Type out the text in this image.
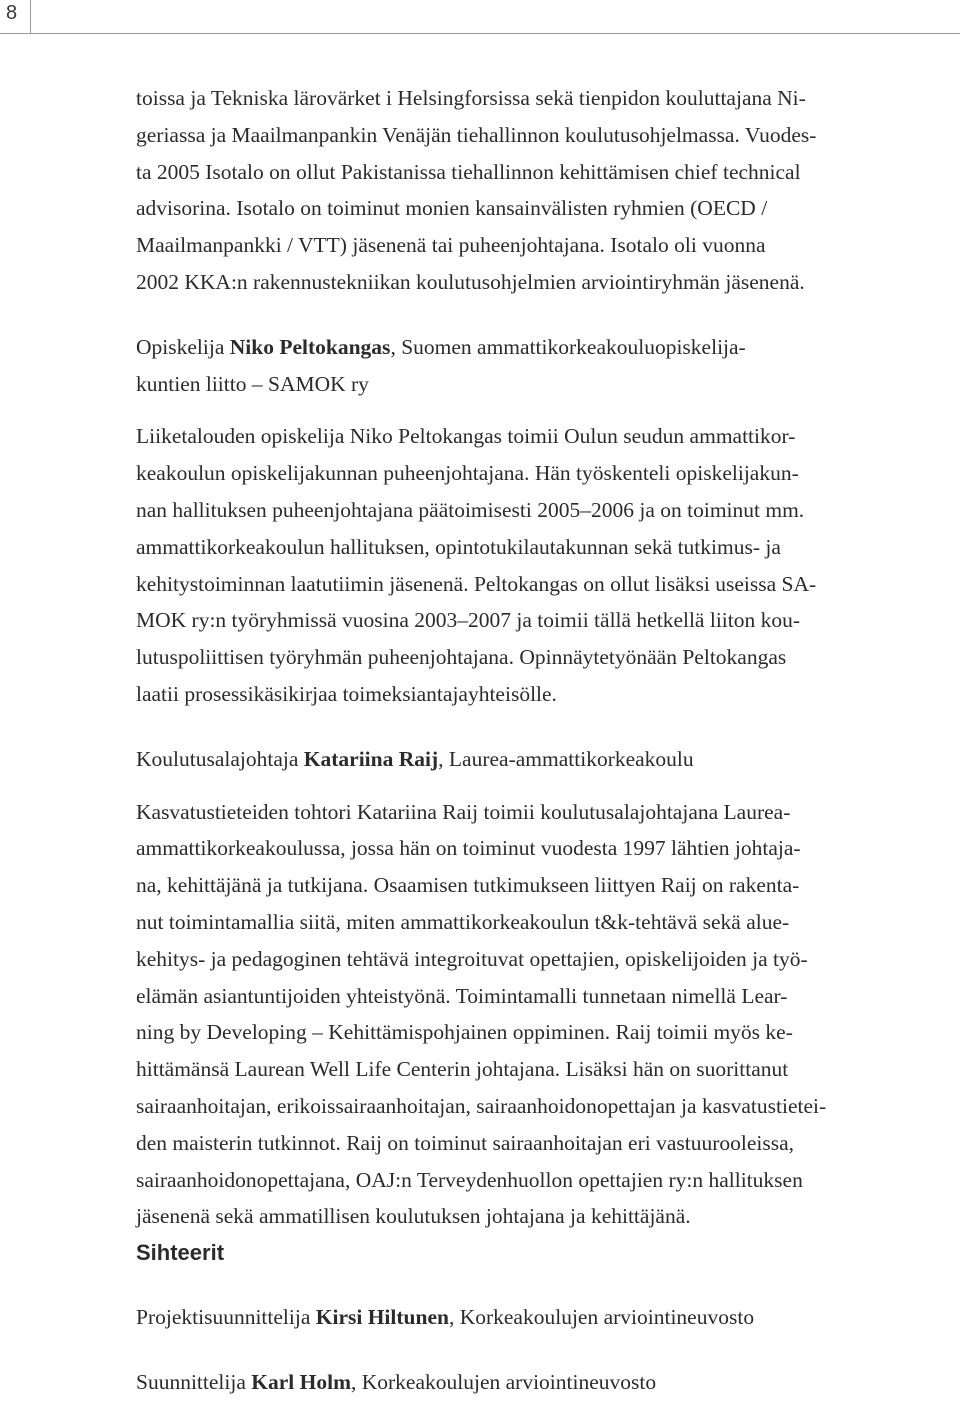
8

toissa ja Tekniska lärovärket i Helsingforsissa sekä tienpidon kouluttajana Ni-
geriassa ja Maailmanpankin Venäjän tiehallinnon koulutusohjelmassa. Vuodes-
ta 2005 Isotalo on ollut Pakistanissa tiehallinnon kehittämisen chief technical
advisorina. Isotalo on toiminut monien kansainvälisten ryhmien (OECD /
Maailmanpankki / VTT) jäsenenä tai puheenjohtajana. Isotalo oli vuonna
2002 KKA:n rakennustekniikan koulutusohjelmien arviointiryhmän jäsenenä.

Opiskelija Niko Peltokangas, Suomen ammattikorkeakouluopiskelija-
kuntien liitto – SAMOK ry

Liiketalouden opiskelija Niko Peltokangas toimii Oulun seudun ammattikor-
keakoulun opiskelijakunnan puheenjohtajana. Hän työskenteli opiskelijakun-
nan hallituksen puheenjohtajana päätoimisesti 2005–2006 ja on toiminut mm.
ammattikorkeakoulun hallituksen, opintotukilautakunnan sekä tutkimus- ja
kehitystoiminnan laatutiimin jäsenenä. Peltokangas on ollut lisäksi useissa SA-
MOK ry:n työryhmissä vuosina 2003–2007 ja toimii tällä hetkellä liiton kou-
lutuspoliittisen työryhmän puheenjohtajana. Opinnäytetyönään Peltokangas
laatii prosessikäsikirjaa toimeksiantajayhteisölle.

Koulutusalajohtaja Katariina Raij, Laurea-ammattikorkeakoulu

Kasvatustieteiden tohtori Katariina Raij toimii koulutusalajohtajana Laurea-
ammattikorkeakoulussa, jossa hän on toiminut vuodesta 1997 lähtien johtaja-
na, kehittäjänä ja tutkijana. Osaamisen tutkimukseen liittyen Raij on rakenta-
nut toimintamallia siitä, miten ammattikorkeakoulun t&k-tehtävä sekä alue-
kehitys- ja pedagoginen tehtävä integroituvat opettajien, opiskelijoiden ja työ-
elämän asiantuntijoiden yhteistyönä. Toimintamalli tunnetaan nimellä Lear-
ning by Developing – Kehittämispohjainen oppiminen. Raij toimii myös ke-
hittämänsä Laurean Well Life Centerin johtajana. Lisäksi hän on suorittanut
sairaanhoitajan, erikoissairaanhoitajan, sairaanhoidonopettajan ja kasvatustietei-
den maisterin tutkinnot. Raij on toiminut sairaanhoitajan eri vastuurooleissa,
sairaanhoidonopettajana, OAJ:n Terveydenhuollon opettajien ry:n hallituksen
jäsenenä sekä ammatillisen koulutuksen johtajana ja kehittäjänä.

Sihteerit

Projektisuunnittelija Kirsi Hiltunen, Korkeakoulujen arviointineuvosto

Suunnittelija Karl Holm, Korkeakoulujen arviointineuvosto
